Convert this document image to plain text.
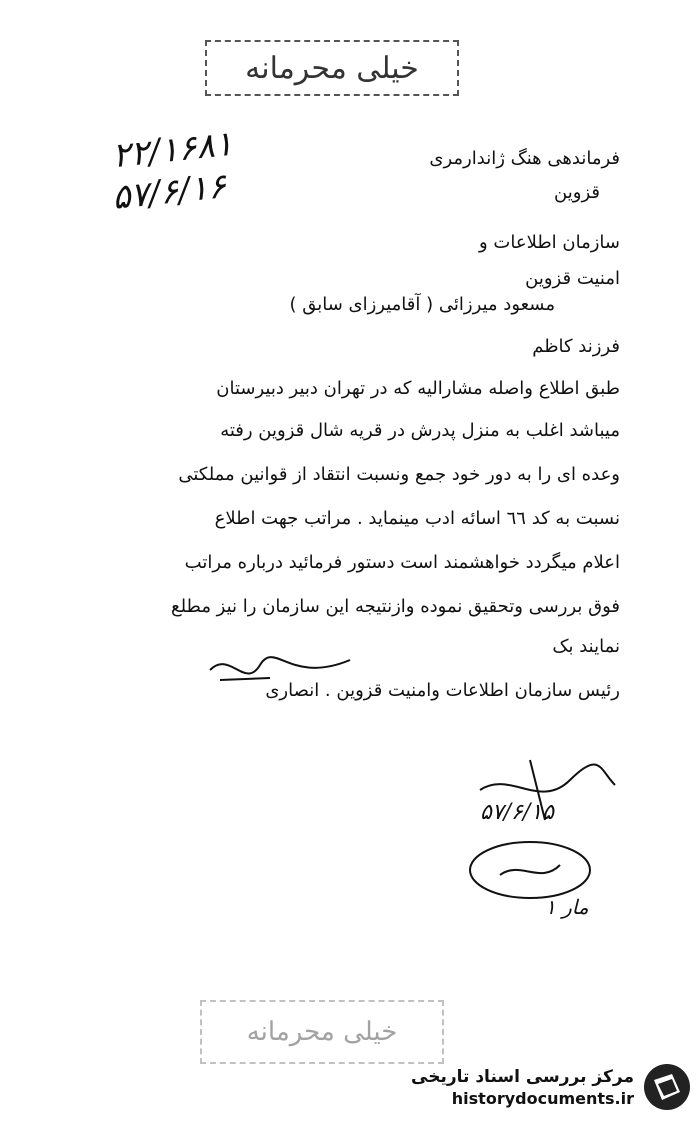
خیلی محرمانه
۲۲/۱۶۸۱
۵۷/۶/۱۶
فرماندهی هنگ ژاندارمری
قزوین
سازمان اطلاعات و
امنیت قزوین
مسعود میرزائی ( آقامیرزای سابق )
فرزند کاظم
طبق اطلاع واصله مشارالیه که در تهران دبیر دبیرستان
میباشد اغلب به منزل پدرش در قریه شال قزوین رفته
وعده ای را به دور خود جمع ونسبت انتقاد از قوانین مملکتی
نسبت به کد ٦٦ اسائه ادب مینماید . مراتب جهت اطلاع
اعلام میگردد خواهشمند است دستور فرمائید درباره مراتب
فوق بررسی وتحقیق نموده وازنتیجه این سازمان را نیز مطلع
نمایند بک
رئیس سازمان اطلاعات وامنیت قزوین . انصاری
۵۷/۶/۱۵
مار ۱
خیلی محرمانه
مرکز بررسی اسناد تاریخی
historydocuments.ir
